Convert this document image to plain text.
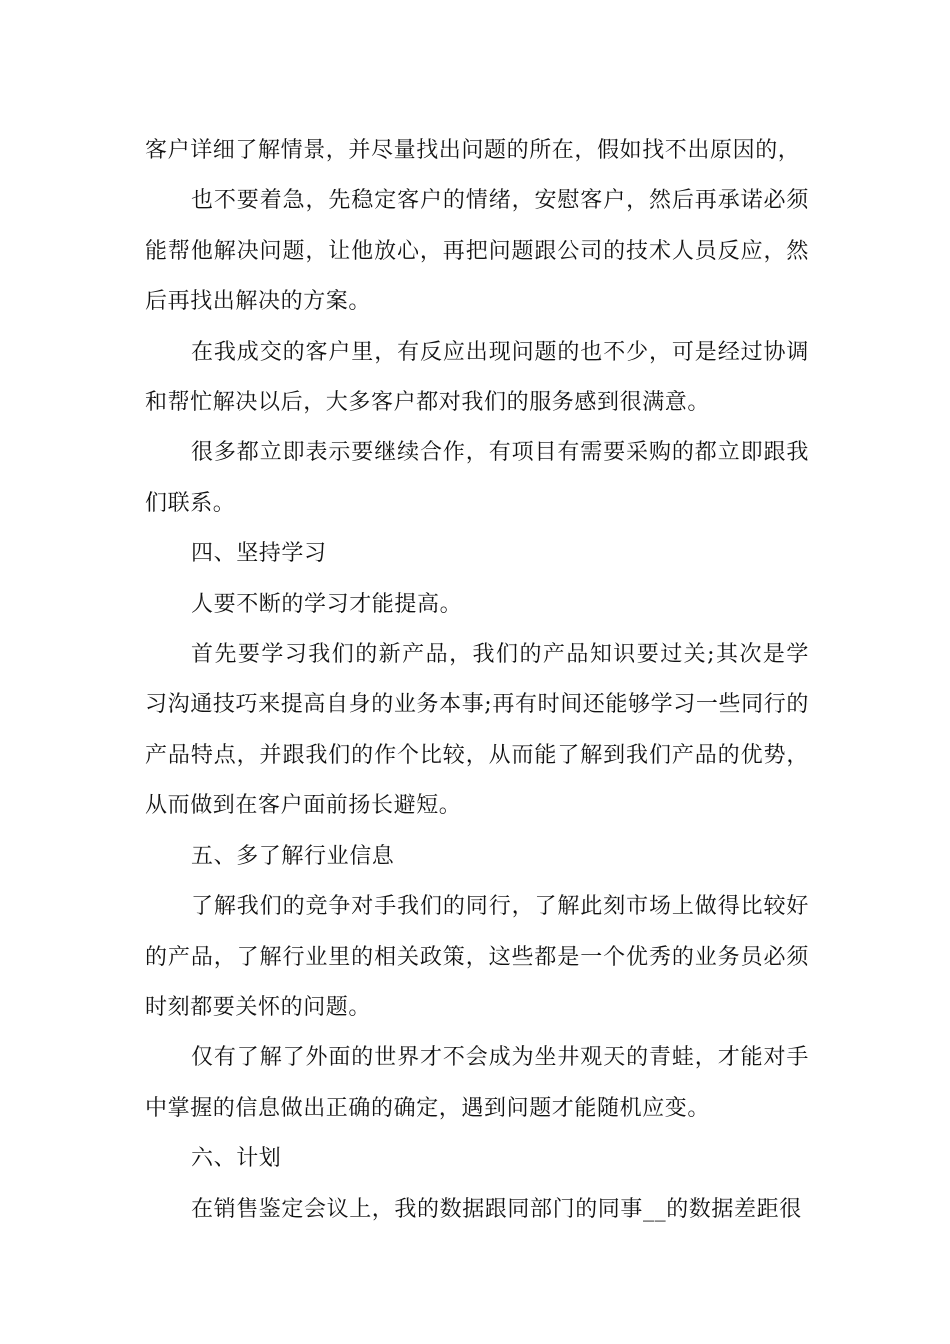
客户详细了解情景，并尽量找出问题的所在，假如找不出原因的，

也不要着急，先稳定客户的情绪，安慰客户，然后再承诺必须能帮他解决问题，让他放心，再把问题跟公司的技术人员反应，然后再找出解决的方案。

在我成交的客户里，有反应出现问题的也不少，可是经过协调和帮忙解决以后，大多客户都对我们的服务感到很满意。

很多都立即表示要继续合作，有项目有需要采购的都立即跟我们联系。

四、坚持学习

人要不断的学习才能提高。

首先要学习我们的新产品，我们的产品知识要过关;其次是学习沟通技巧来提高自身的业务本事;再有时间还能够学习一些同行的产品特点，并跟我们的作个比较，从而能了解到我们产品的优势，从而做到在客户面前扬长避短。

五、多了解行业信息

了解我们的竞争对手我们的同行，了解此刻市场上做得比较好的产品，了解行业里的相关政策，这些都是一个优秀的业务员必须时刻都要关怀的问题。

仅有了解了外面的世界才不会成为坐井观天的青蛙，才能对手中掌握的信息做出正确的确定，遇到问题才能随机应变。

六、计划

在销售鉴定会议上，我的数据跟同部门的同事__的数据差距很
